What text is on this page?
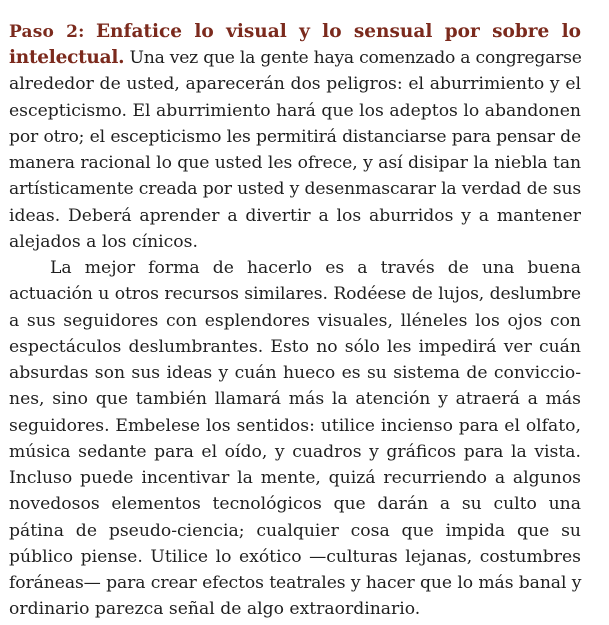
Paso 2: Enfatice lo visual y lo sensual por sobre lo
intelectual. Una vez que la gente haya comenzado a congregarse
alrededor de usted, aparecerán dos peligros: el aburrimiento y el
escepticismo. El aburrimiento hará que los adeptos lo abandonen
por otro; el escepticismo les permitirá distanciarse para pensar de
manera racional lo que usted les ofrece, y así disipar la niebla tan
artísticamente creada por usted y desenmascarar la verdad de sus
ideas. Deberá aprender a divertir a los aburridos y a mantener
alejados a los cínicos.
La mejor forma de hacerlo es a través de una buena
actuación u otros recursos similares. Rodéese de lujos, deslumbre
a sus seguidores con esplendores visuales, lléneles los ojos con
espectáculos deslumbrantes. Esto no sólo les impedirá ver cuán
absurdas son sus ideas y cuán hueco es su sistema de conviccio-
nes, sino que también llamará más la atención y atraerá a más
seguidores. Embelese los sentidos: utilice incienso para el olfato,
música sedante para el oído, y cuadros y gráficos para la vista.
Incluso puede incentivar la mente, quizá recurriendo a algunos
novedosos elementos tecnológicos que darán a su culto una
pátina de pseudo-ciencia; cualquier cosa que impida que su
público piense. Utilice lo exótico —culturas lejanas, costumbres
foráneas— para crear efectos teatrales y hacer que lo más banal y
ordinario parezca señal de algo extraordinario.
